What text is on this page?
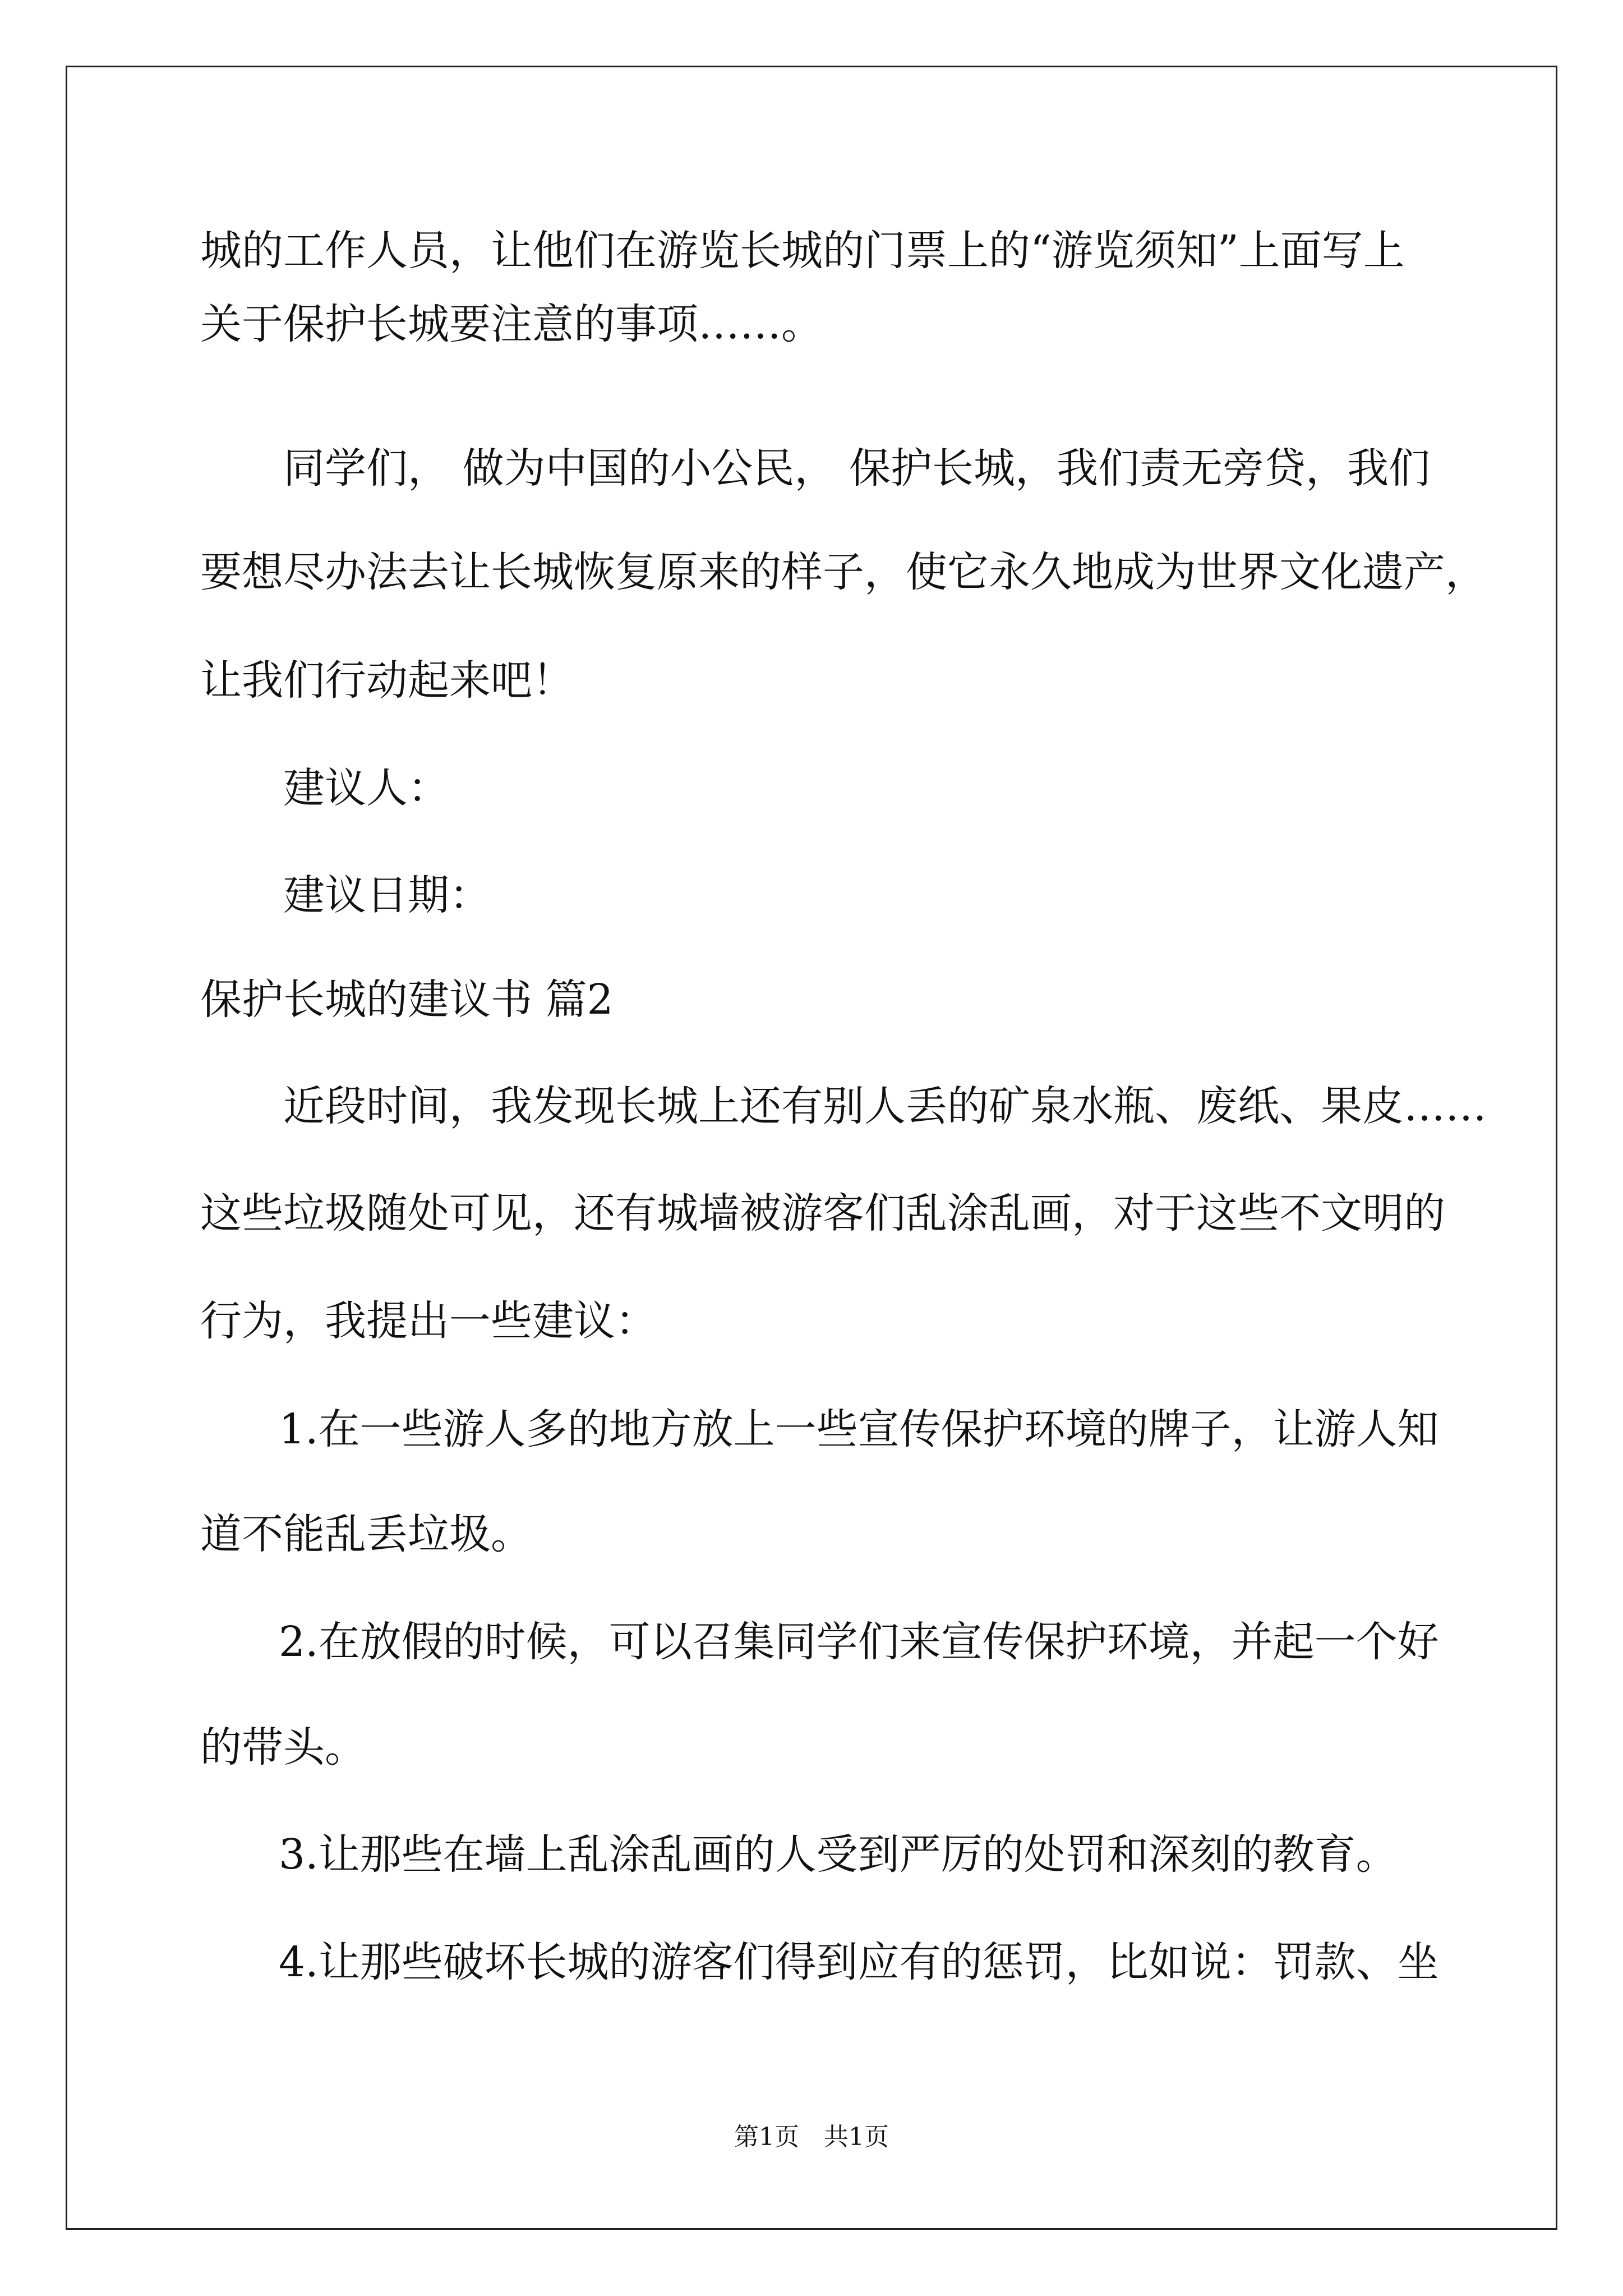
城的工作人员，让他们在游览长城的门票上的“游览须知”上面写上

关于保护长城要注意的事项……。

同学们， 做为中国的小公民， 保护长城，我们责无旁贷，我们

要想尽办法去让长城恢复原来的样子，使它永久地成为世界文化遗产，

让我们行动起来吧！

建议人：

建议日期：

保护长城的建议书 篇2

近段时间，我发现长城上还有别人丢的矿泉水瓶、废纸、果皮……

这些垃圾随处可见，还有城墙被游客们乱涂乱画，对于这些不文明的

行为，我提出一些建议：

1.在一些游人多的地方放上一些宣传保护环境的牌子，让游人知

道不能乱丢垃圾。

2.在放假的时候，可以召集同学们来宣传保护环境，并起一个好

的带头。

3.让那些在墙上乱涂乱画的人受到严厉的处罚和深刻的教育。

4.让那些破坏长城的游客们得到应有的惩罚，比如说：罚款、坐

第1页　共1页
